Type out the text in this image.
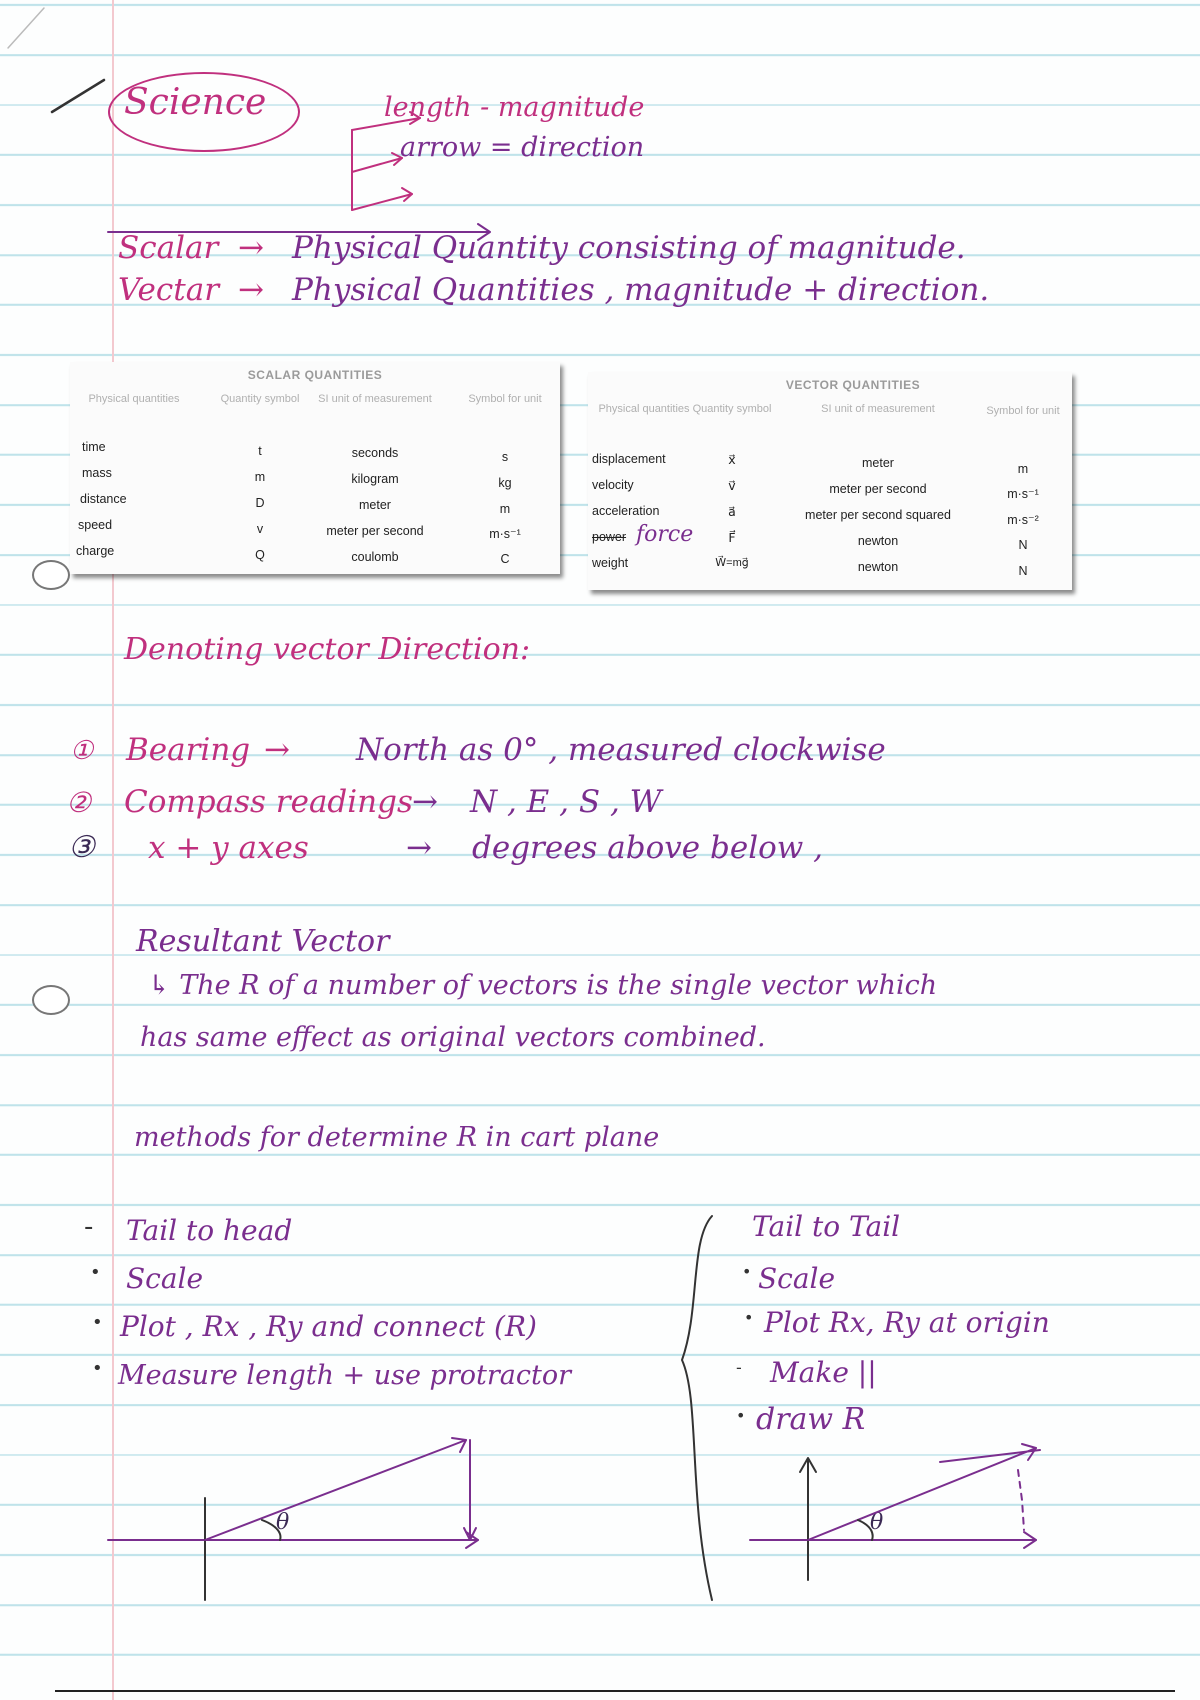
Science	length - magnitude
arrow = direction
Scalar → Physical Quantity consisting of magnitude.
Vectar → Physical Quantities , magnitude + direction.
SCALAR QUANTITIES
Physical quantities	Quantity symbol	SI unit of measurement	Symbol for unit
time	t	seconds	s
mass	m	kilogram	kg
distance	D	meter	m
speed	v	meter per second	m·s⁻¹
charge	Q	coulomb	C
VECTOR QUANTITIES
Physical quantities Quantity symbol	SI unit of measurement	Symbol for unit
displacement	x⃗	meter	m
velocity	v⃗	meter per second	m·s⁻¹
acceleration	a⃗	meter per second squared	m·s⁻²
power force	F⃗	newton	N
weight	W⃗=mg⃗	newton	N
Denoting vector Direction:
① Bearing → North as 0° , measured clockwise
② Compass readings → N , E , S , W
③ x + y axes	→ degrees above below ,
Resultant Vector
↳ The R of a number of vectors is the single vector which
has same effect as original vectors combined.
methods for determine R in cart plane
- Tail to head
• Scale
• Plot , Rx , Ry and connect (R)
• Measure length + use protractor
Tail to Tail
• Scale
• Plot Rx, Ry at origin
- Make ||
• draw R
θ	θ
